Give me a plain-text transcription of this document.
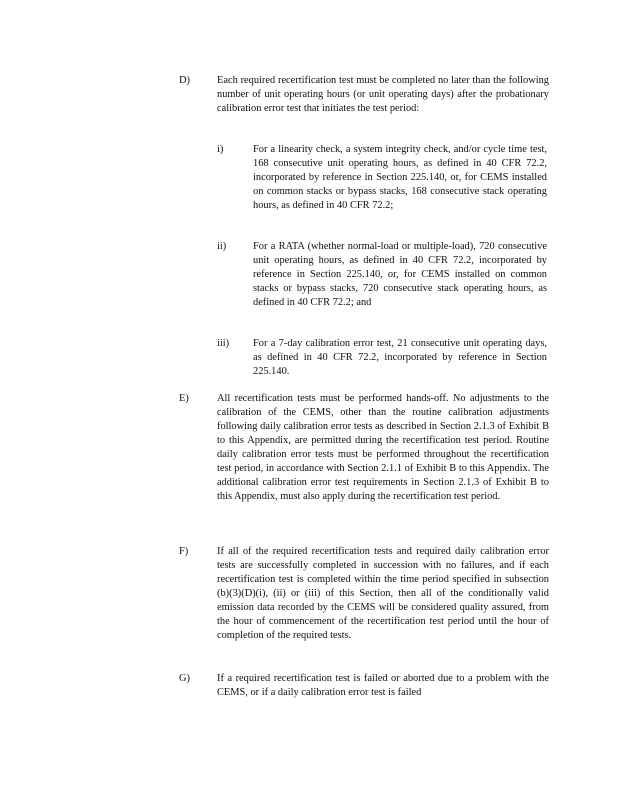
D)	Each required recertification test must be completed no later than the following number of unit operating hours (or unit operating days) after the probationary calibration error test that initiates the test period:
i)	For a linearity check, a system integrity check, and/or cycle time test, 168 consecutive unit operating hours, as defined in 40 CFR 72.2, incorporated by reference in Section 225.140, or, for CEMS installed on common stacks or bypass stacks, 168 consecutive stack operating hours, as defined in 40 CFR 72.2;
ii)	For a RATA (whether normal-load or multiple-load), 720 consecutive unit operating hours, as defined in 40 CFR 72.2, incorporated by reference in Section 225.140, or, for CEMS installed on common stacks or bypass stacks, 720 consecutive stack operating hours, as defined in 40 CFR 72.2; and
iii)	For a 7-day calibration error test, 21 consecutive unit operating days, as defined in 40 CFR 72.2, incorporated by reference in Section 225.140.
E)	All recertification tests must be performed hands-off. No adjustments to the calibration of the CEMS, other than the routine calibration adjustments following daily calibration error tests as described in Section 2.1.3 of Exhibit B to this Appendix, are permitted during the recertification test period. Routine daily calibration error tests must be performed throughout the recertification test period, in accordance with Section 2.1.1 of Exhibit B to this Appendix. The additional calibration error test requirements in Section 2.1.3 of Exhibit B to this Appendix, must also apply during the recertification test period.
F)	If all of the required recertification tests and required daily calibration error tests are successfully completed in succession with no failures, and if each recertification test is completed within the time period specified in subsection (b)(3)(D)(i), (ii) or (iii) of this Section, then all of the conditionally valid emission data recorded by the CEMS will be considered quality assured, from the hour of commencement of the recertification test period until the hour of completion of the required tests.
G)	If a required recertification test is failed or aborted due to a problem with the CEMS, or if a daily calibration error test is failed
